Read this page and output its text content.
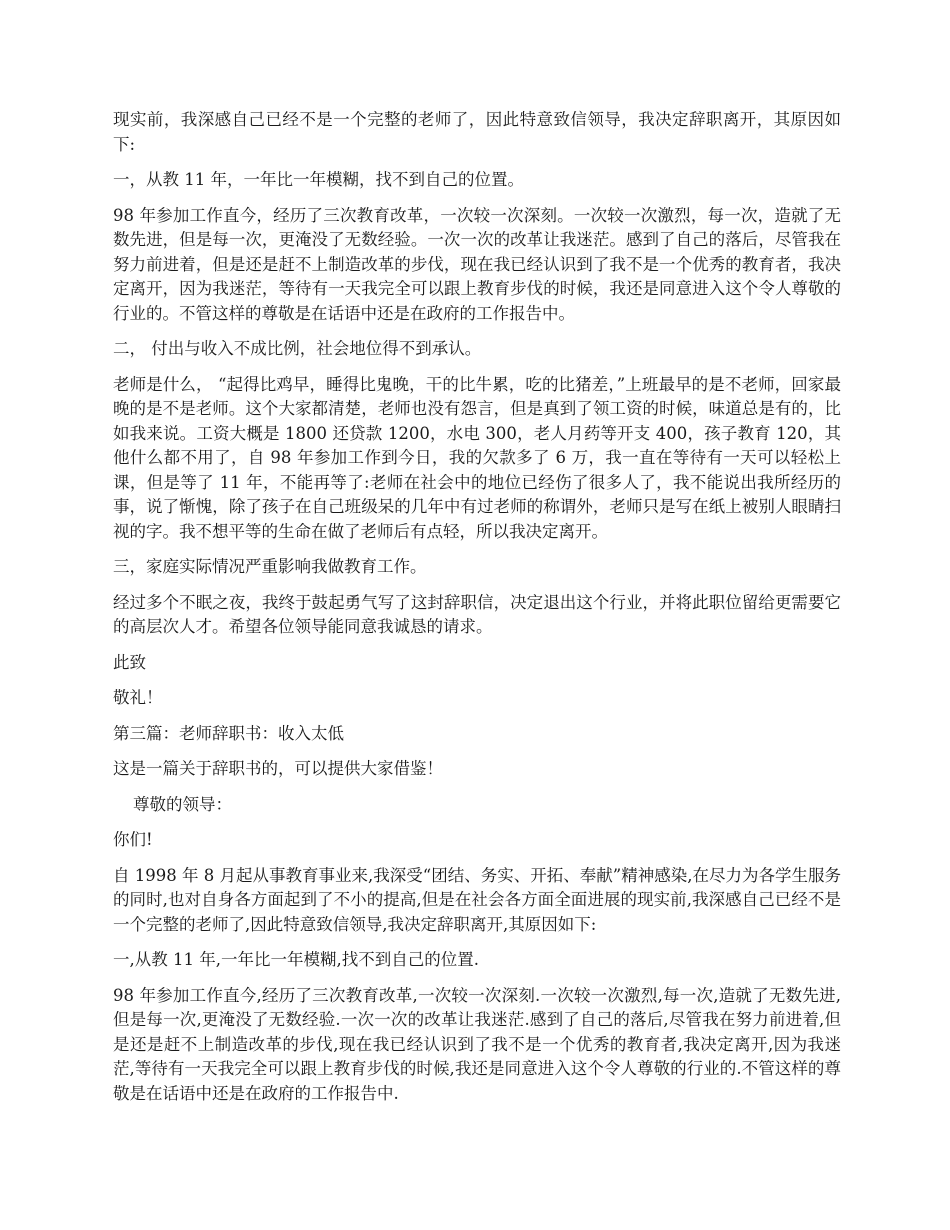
现实前，我深感自己已经不是一个完整的老师了，因此特意致信领导，我决定辞职离开，其原因如下:

一，从教 11 年，一年比一年模糊，找不到自己的位置。

98 年参加工作直今，经历了三次教育改革，一次较一次深刻。一次较一次激烈，每一次，造就了无数先进，但是每一次，更淹没了无数经验。一次一次的改革让我迷茫。感到了自己的落后，尽管我在努力前进着，但是还是赶不上制造改革的步伐，现在我已经认识到了我不是一个优秀的教育者，我决定离开，因为我迷茫，等待有一天我完全可以跟上教育步伐的时候，我还是同意进入这个令人尊敬的行业的。不管这样的尊敬是在话语中还是在政府的工作报告中。

二， 付出与收入不成比例，社会地位得不到承认。

老师是什么， “起得比鸡早，睡得比鬼晚，干的比牛累，吃的比猪差，”上班最早的是不老师，回家最晚的是不是老师。这个大家都清楚，老师也没有怨言，但是真到了领工资的时候，味道总是有的，比如我来说。工资大概是 1800 还贷款 1200，水电 300，老人月药等开支 400，孩子教育 120，其他什么都不用了，自 98 年参加工作到今日，我的欠款多了 6 万，我一直在等待有一天可以轻松上课，但是等了 11 年，不能再等了:老师在社会中的地位已经伤了很多人了，我不能说出我所经历的事，说了惭愧，除了孩子在自己班级呆的几年中有过老师的称谓外，老师只是写在纸上被别人眼睛扫视的字。我不想平等的生命在做了老师后有点轻，所以我决定离开。

三，家庭实际情况严重影响我做教育工作。

经过多个不眠之夜，我终于鼓起勇气写了这封辞职信，决定退出这个行业，并将此职位留给更需要它的高层次人才。希望各位领导能同意我诚恳的请求。

此致

敬礼！

第三篇：老师辞职书：收入太低

这是一篇关于辞职书的，可以提供大家借鉴！

尊敬的领导：

你们!

自 1998 年 8 月起从事教育事业来,我深受“团结、务实、开拓、奉献”精神感染,在尽力为各学生服务的同时,也对自身各方面起到了不小的提高,但是在社会各方面全面进展的现实前,我深感自己已经不是一个完整的老师了,因此特意致信领导,我决定辞职离开,其原因如下:

一,从教 11 年,一年比一年模糊,找不到自己的位置.

98 年参加工作直今,经历了三次教育改革,一次较一次深刻.一次较一次激烈,每一次,造就了无数先进,但是每一次,更淹没了无数经验.一次一次的改革让我迷茫.感到了自己的落后,尽管我在努力前进着,但是还是赶不上制造改革的步伐,现在我已经认识到了我不是一个优秀的教育者,我决定离开,因为我迷茫,等待有一天我完全可以跟上教育步伐的时候,我还是同意进入这个令人尊敬的行业的.不管这样的尊敬是在话语中还是在政府的工作报告中.
